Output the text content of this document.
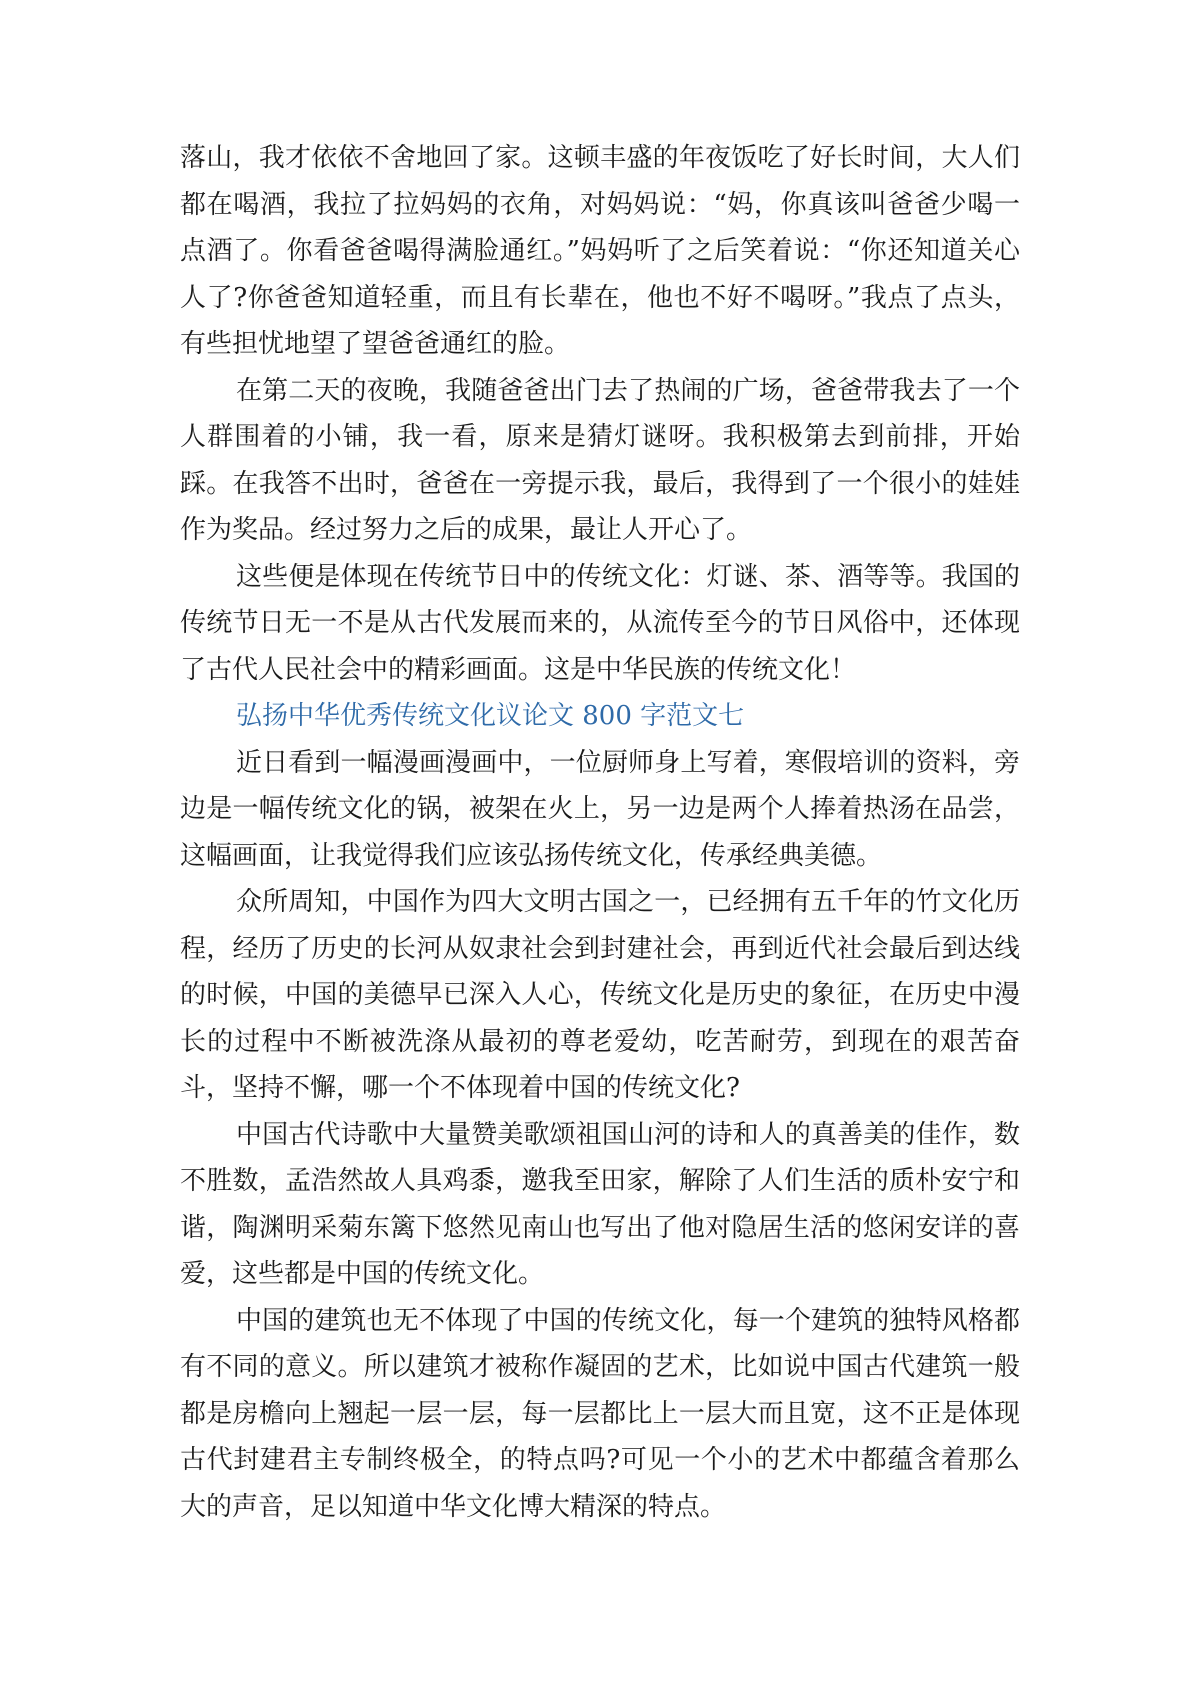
落山，我才依依不舍地回了家。这顿丰盛的年夜饭吃了好长时间，大人们都在喝酒，我拉了拉妈妈的衣角，对妈妈说：“妈，你真该叫爸爸少喝一点酒了。你看爸爸喝得满脸通红。”妈妈听了之后笑着说：“你还知道关心人了?你爸爸知道轻重，而且有长辈在，他也不好不喝呀。”我点了点头，有些担忧地望了望爸爸通红的脸。

在第二天的夜晚，我随爸爸出门去了热闹的广场，爸爸带我去了一个人群围着的小铺，我一看，原来是猜灯谜呀。我积极第去到前排，开始踩。在我答不出时，爸爸在一旁提示我，最后，我得到了一个很小的娃娃作为奖品。经过努力之后的成果，最让人开心了。

这些便是体现在传统节日中的传统文化：灯谜、茶、酒等等。我国的传统节日无一不是从古代发展而来的，从流传至今的节日风俗中，还体现了古代人民社会中的精彩画面。这是中华民族的传统文化！

弘扬中华优秀传统文化议论文 800 字范文七

近日看到一幅漫画漫画中，一位厨师身上写着，寒假培训的资料，旁边是一幅传统文化的锅，被架在火上，另一边是两个人捧着热汤在品尝，这幅画面，让我觉得我们应该弘扬传统文化，传承经典美德。

众所周知，中国作为四大文明古国之一，已经拥有五千年的竹文化历程，经历了历史的长河从奴隶社会到封建社会，再到近代社会最后到达线的时候，中国的美德早已深入人心，传统文化是历史的象征，在历史中漫长的过程中不断被洗涤从最初的尊老爱幼，吃苦耐劳，到现在的艰苦奋斗，坚持不懈，哪一个不体现着中国的传统文化?

中国古代诗歌中大量赞美歌颂祖国山河的诗和人的真善美的佳作，数不胜数，孟浩然故人具鸡黍，邀我至田家，解除了人们生活的质朴安宁和谐，陶渊明采菊东篱下悠然见南山也写出了他对隐居生活的悠闲安详的喜爱，这些都是中国的传统文化。

中国的建筑也无不体现了中国的传统文化，每一个建筑的独特风格都有不同的意义。所以建筑才被称作凝固的艺术，比如说中国古代建筑一般都是房檐向上翘起一层一层，每一层都比上一层大而且宽，这不正是体现古代封建君主专制终极全，的特点吗?可见一个小的艺术中都蕴含着那么大的声音，足以知道中华文化博大精深的特点。
